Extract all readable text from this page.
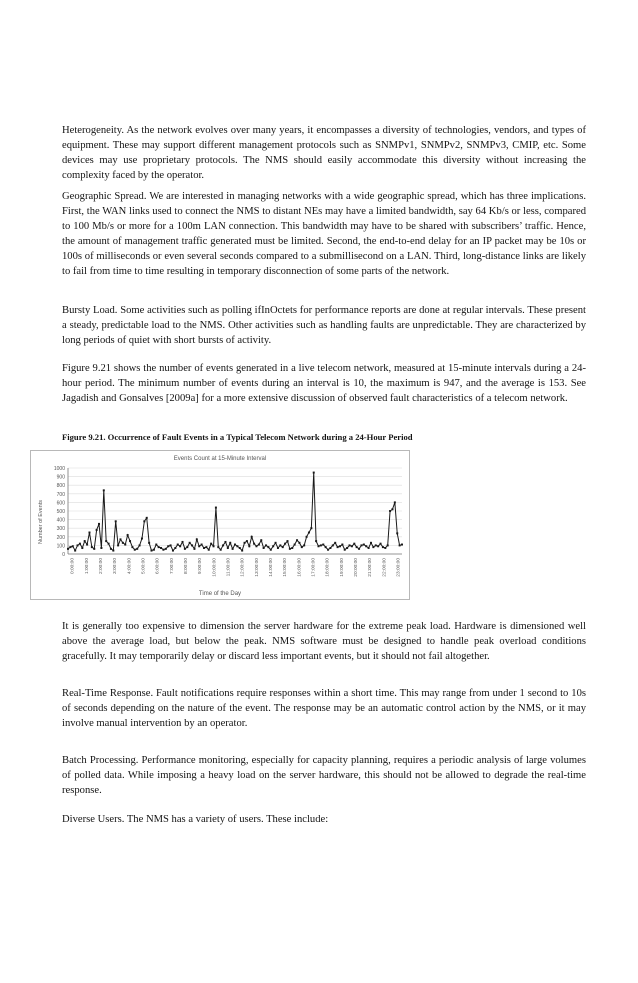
Heterogeneity. As the network evolves over many years, it encompasses a diversity of technologies, vendors, and types of equipment. These may support different management protocols such as SNMPv1, SNMPv2, SNMPv3, CMIP, etc. Some devices may use proprietary protocols. The NMS should easily accommodate this diversity without increasing the complexity faced by the operator.

Geographic Spread. We are interested in managing networks with a wide geographic spread, which has three implications. First, the WAN links used to connect the NMS to distant NEs may have a limited bandwidth, say 64 Kb/s or less, compared to 100 Mb/s or more for a 100m LAN connection. This bandwidth may have to be shared with subscribers’ traffic. Hence, the amount of management traffic generated must be limited. Second, the end-to-end delay for an IP packet may be 10s or 100s of milliseconds or even several seconds compared to a submillisecond on a LAN. Third, long-distance links are likely to fail from time to time resulting in temporary disconnection of some parts of the network.

Bursty Load. Some activities such as polling ifInOctets for performance reports are done at regular intervals. These present a steady, predictable load to the NMS. Other activities such as handling faults are unpredictable. They are characterized by long periods of quiet with short bursts of activity.

Figure 9.21 shows the number of events generated in a live telecom network, measured at 15-minute intervals during a 24-hour period. The minimum number of events during an interval is 10, the maximum is 947, and the average is 153. See Jagadish and Gonsalves [2009a] for a more extensive discussion of observed fault characteristics of a telecom network.

Figure 9.21. Occurrence of Fault Events in a Typical Telecom Network during a 24-Hour Period

Events Count at 15-Minute Interval
Time of the Day
Number of Events
0
100
200
300
400
500
600
700
800
900
1000
0:00:00 1:00:00 2:00:00 3:00:00 4:00:00 5:00:00 6:00:00 7:00:00 8:00:00 9:00:00 10:00:00 11:00:00 12:00:00 13:00:00 14:00:00 15:00:00 16:00:00 17:00:00 18:00:00 19:00:00 20:00:00 21:00:00 22:00:00 23:00:00

It is generally too expensive to dimension the server hardware for the extreme peak load. Hardware is dimensioned well above the average load, but below the peak. NMS software must be designed to handle peak overload conditions gracefully. It may temporarily delay or discard less important events, but it should not fail altogether.

Real-Time Response. Fault notifications require responses within a short time. This may range from under 1 second to 10s of seconds depending on the nature of the event. The response may be an automatic control action by the NMS, or it may involve manual intervention by an operator.

Batch Processing. Performance monitoring, especially for capacity planning, requires a periodic analysis of large volumes of polled data. While imposing a heavy load on the server hardware, this should not be allowed to degrade the real-time response.

Diverse Users. The NMS has a variety of users. These include:
